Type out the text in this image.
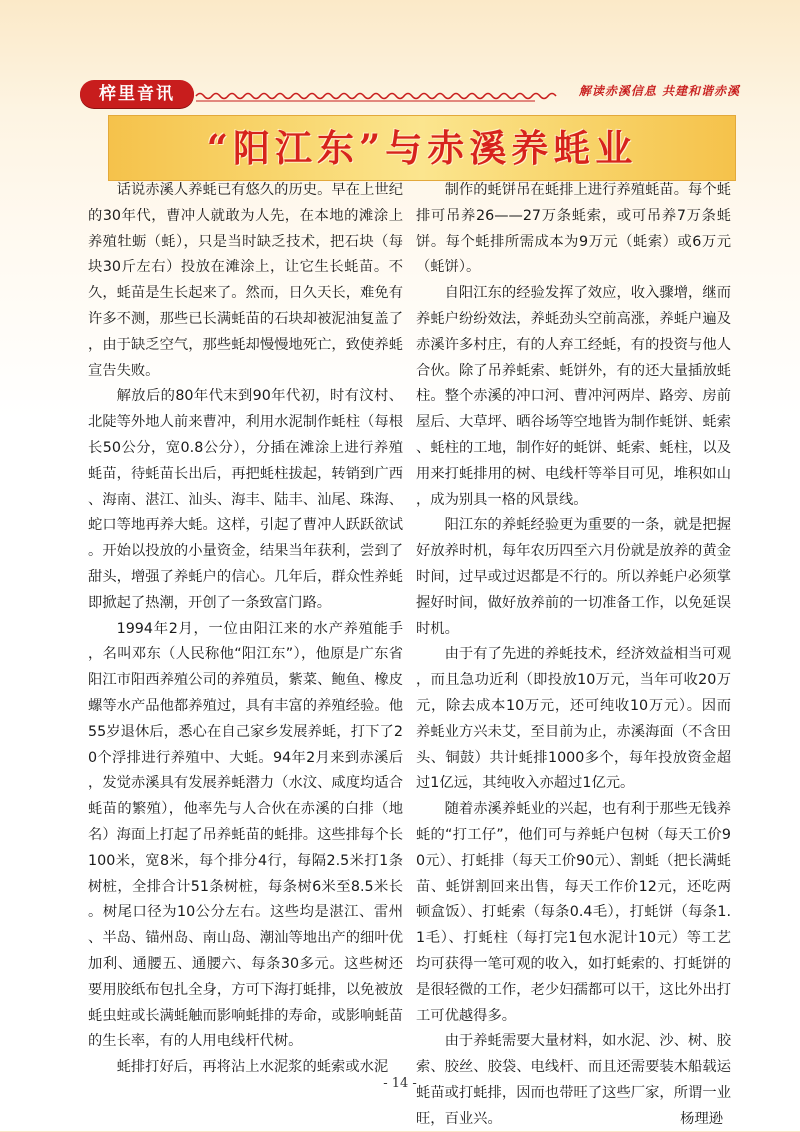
梓里音讯	解读赤溪信息 共建和谐赤溪
“阳江东”与赤溪养蚝业

话说赤溪人养蚝已有悠久的历史。早在上世纪的30年代，曹冲人就敢为人先，在本地的滩涂上养殖牡蛎（蚝），只是当时缺乏技术，把石块（每块30斤左右）投放在滩涂上，让它生长蚝苗。不久，蚝苗是生长起来了。然而，日久天长，难免有许多不测，那些已长满蚝苗的石块却被泥油复盖了，由于缺乏空气，那些蚝却慢慢地死亡，致使养蚝宣告失败。

解放后的80年代末到90年代初，时有汶村、北陡等外地人前来曹冲，利用水泥制作蚝柱（每根长50公分，宽0.8公分），分插在滩涂上进行养殖蚝苗，待蚝苗长出后，再把蚝柱拔起，转销到广西、海南、湛江、汕头、海丰、陆丰、汕尾、珠海、蛇口等地再养大蚝。这样，引起了曹冲人跃跃欲试。开始以投放的小量资金，结果当年获利，尝到了甜头，增强了养蚝户的信心。几年后，群众性养蚝即掀起了热潮，开创了一条致富门路。

1994年2月，一位由阳江来的水产养殖能手，名叫邓东（人民称他“阳江东”），他原是广东省阳江市阳西养殖公司的养殖员，紫菜、鲍鱼、橡皮螺等水产品他都养殖过，具有丰富的养殖经验。他55岁退休后，悉心在自己家乡发展养蚝，打下了20个浮排进行养殖中、大蚝。94年2月来到赤溪后，发觉赤溪具有发展养蚝潜力（水汶、咸度均适合蚝苗的繁殖），他率先与人合伙在赤溪的白排（地名）海面上打起了吊养蚝苗的蚝排。这些排每个长100米，宽8米，每个排分4行，每隔2.5米打1条树桩，全排合计51条树桩，每条树6米至8.5米长。树尾口径为10公分左右。这些均是湛江、雷州、半岛、锚州岛、南山岛、潮汕等地出产的细叶优加利、通腰五、通腰六、每条30多元。这些树还要用胶纸布包扎全身，方可下海打蚝排，以免被放蚝虫蛀或长满蚝触而影响蚝排的寿命，或影响蚝苗的生长率，有的人用电线杆代树。

蚝排打好后，再将沾上水泥浆的蚝索或水泥

制作的蚝饼吊在蚝排上进行养殖蚝苗。每个蚝排可吊养26——27万条蚝索，或可吊养7万条蚝饼。每个蚝排所需成本为9万元（蚝索）或6万元（蚝饼）。

自阳江东的经验发挥了效应，收入骤增，继而养蚝户纷纷效法，养蚝劲头空前高涨，养蚝户遍及赤溪许多村庄，有的人弃工经蚝，有的投资与他人合伙。除了吊养蚝索、蚝饼外，有的还大量插放蚝柱。整个赤溪的冲口河、曹冲河两岸、路旁、房前屋后、大草坪、晒谷场等空地皆为制作蚝饼、蚝索、蚝柱的工地，制作好的蚝饼、蚝索、蚝柱，以及用来打蚝排用的树、电线杆等举目可见，堆积如山，成为别具一格的风景线。

阳江东的养蚝经验更为重要的一条，就是把握好放养时机，每年农历四至六月份就是放养的黄金时间，过早或过迟都是不行的。所以养蚝户必须掌握好时间，做好放养前的一切准备工作，以免延误时机。

由于有了先进的养蚝技术，经济效益相当可观，而且急功近利（即投放10万元，当年可收20万元，除去成本10万元，还可纯收10万元）。因而养蚝业方兴未艾，至目前为止，赤溪海面（不含田头、铜鼓）共计蚝排1000多个，每年投放资金超过1亿远，其纯收入亦超过1亿元。

随着赤溪养蚝业的兴起，也有利于那些无钱养蚝的“打工仔”，他们可与养蚝户包树（每天工价90元）、打蚝排（每天工价90元）、割蚝（把长满蚝苗、蚝饼割回来出售，每天工作价12元，还吃两顿盒饭）、打蚝索（每条0.4毛），打蚝饼（每条1.1毛）、打蚝柱（每打完1包水泥计10元）等工艺均可获得一笔可观的收入，如打蚝索的、打蚝饼的是很轻微的工作，老少妇孺都可以干，这比外出打工可优越得多。

由于养蚝需要大量材料，如水泥、沙、树、胶索、胶丝、胶袋、电线杆、而且还需要装木船载运蚝苗或打蚝排，因而也带旺了这些厂家，所谓一业旺，百业兴。	杨理逊
- 14 -
